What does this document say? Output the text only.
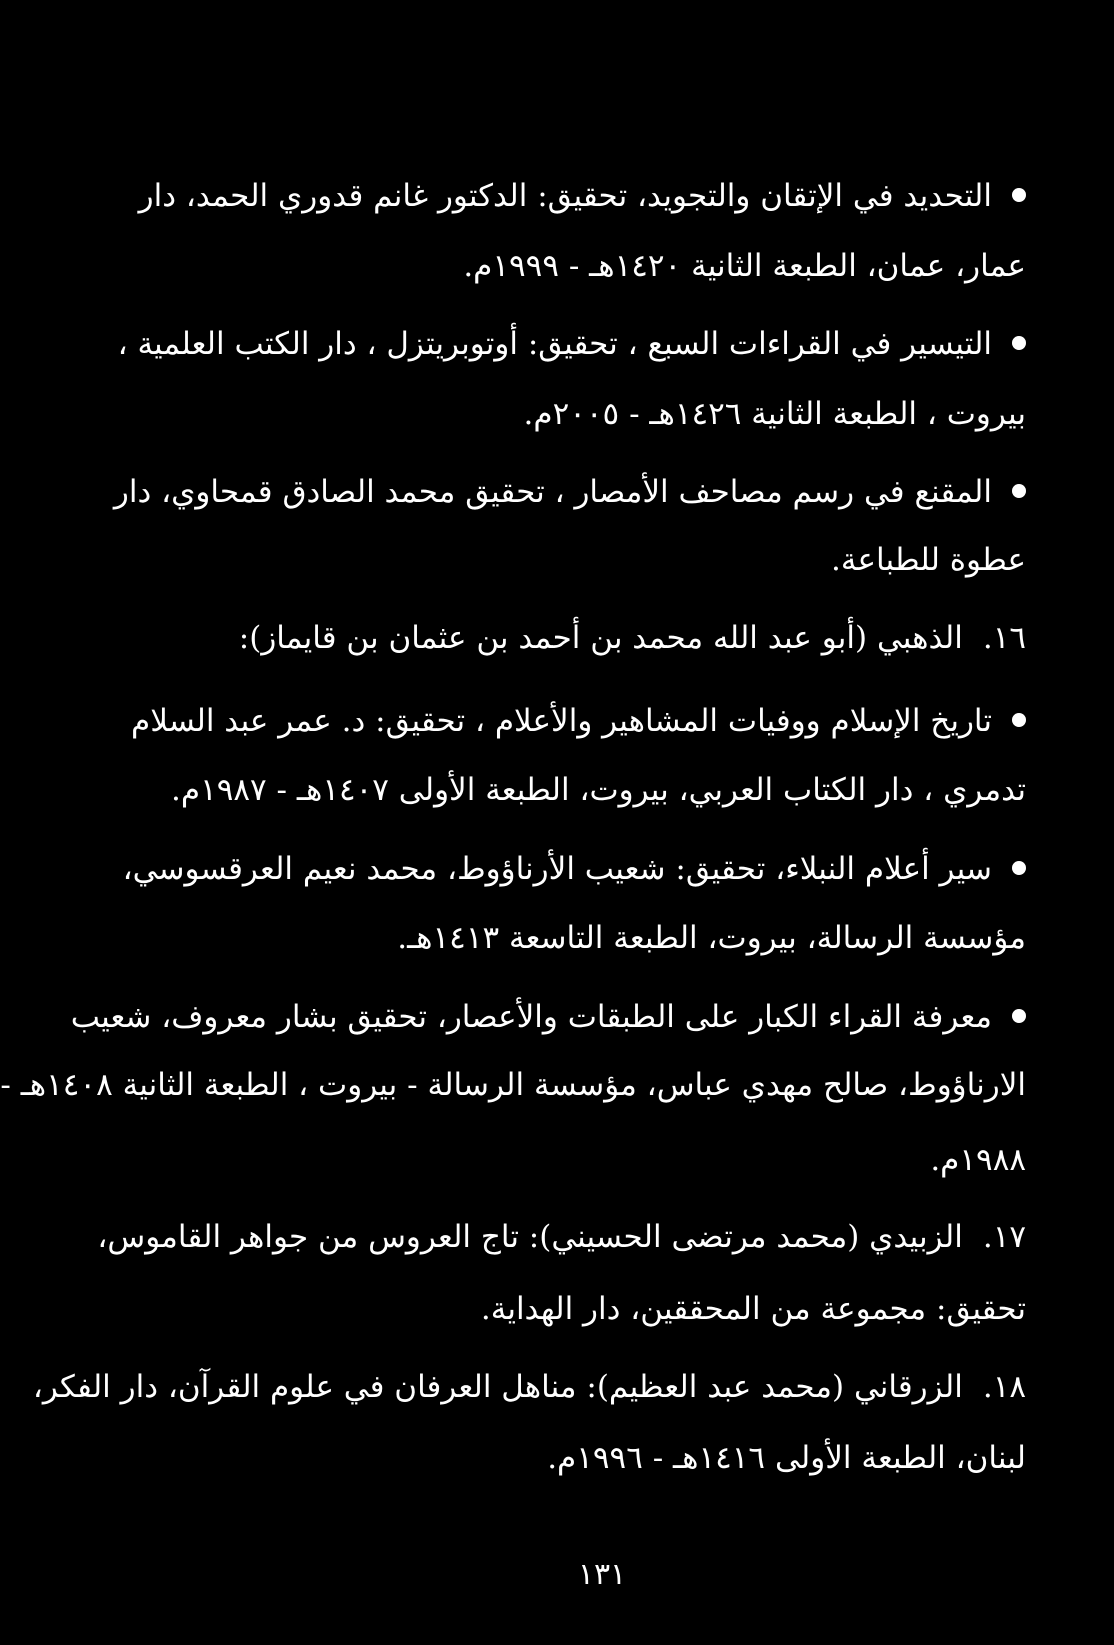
التحديد في الإتقان والتجويد، تحقيق: الدكتور غانم قدوري الحمد، دار
عمار، عمان، الطبعة الثانية ١٤٢٠هـ - ١٩٩٩م.
التيسير في القراءات السبع ، تحقيق: أوتوبريتزل ، دار الكتب العلمية ،
بيروت ، الطبعة الثانية ١٤٢٦هـ - ٢٠٠٥م.
المقنع في رسم مصاحف الأمصار ، تحقيق محمد الصادق قمحاوي، دار
عطوة للطباعة.
١٦.الذهبي (أبو عبد الله محمد بن أحمد بن عثمان بن قايماز):
تاريخ الإسلام ووفيات المشاهير والأعلام ، تحقيق: د. عمر عبد السلام
تدمري ، دار الكتاب العربي، بيروت، الطبعة الأولى ١٤٠٧هـ - ١٩٨٧م.
سير أعلام النبلاء، تحقيق: شعيب الأرناؤوط، محمد نعيم العرقسوسي،
مؤسسة الرسالة، بيروت، الطبعة التاسعة ١٤١٣هـ.
معرفة القراء الكبار على الطبقات والأعصار، تحقيق بشار معروف، شعيب
الارناؤوط، صالح مهدي عباس، مؤسسة الرسالة - بيروت ، الطبعة الثانية ١٤٠٨هـ -
١٩٨٨م.
١٧.الزبيدي (محمد مرتضى الحسيني): تاج العروس من جواهر القاموس،
تحقيق: مجموعة من المحققين، دار الهداية.
١٨.الزرقاني (محمد عبد العظيم): مناهل العرفان في علوم القرآن، دار الفكر،
لبنان، الطبعة الأولى ١٤١٦هـ - ١٩٩٦م.
١٣١
